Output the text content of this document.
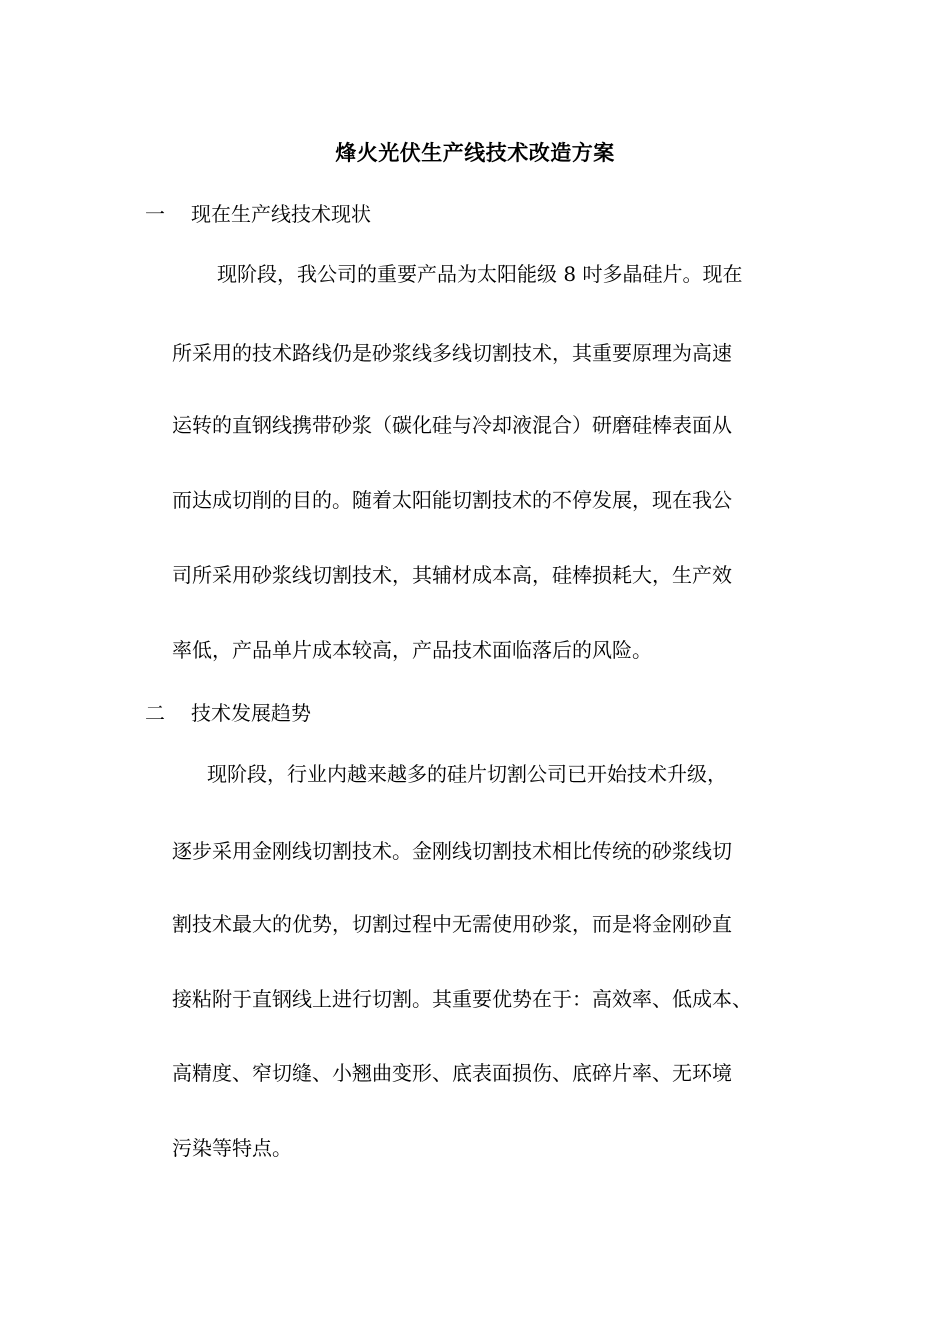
烽火光伏生产线技术改造方案
一 现在生产线技术现状
现阶段，我公司的重要产品为太阳能级 8 吋多晶硅片。现在
所采用的技术路线仍是砂浆线多线切割技术，其重要原理为高速
运转的直钢线携带砂浆（碳化硅与冷却液混合）研磨硅棒表面从
而达成切削的目的。随着太阳能切割技术的不停发展，现在我公
司所采用砂浆线切割技术，其辅材成本高，硅棒损耗大，生产效
率低，产品单片成本较高，产品技术面临落后的风险。
二 技术发展趋势
现阶段，行业内越来越多的硅片切割公司已开始技术升级，
逐步采用金刚线切割技术。金刚线切割技术相比传统的砂浆线切
割技术最大的优势，切割过程中无需使用砂浆，而是将金刚砂直
接粘附于直钢线上进行切割。其重要优势在于：高效率、低成本、
高精度、窄切缝、小翘曲变形、底表面损伤、底碎片率、无环境
污染等特点。
